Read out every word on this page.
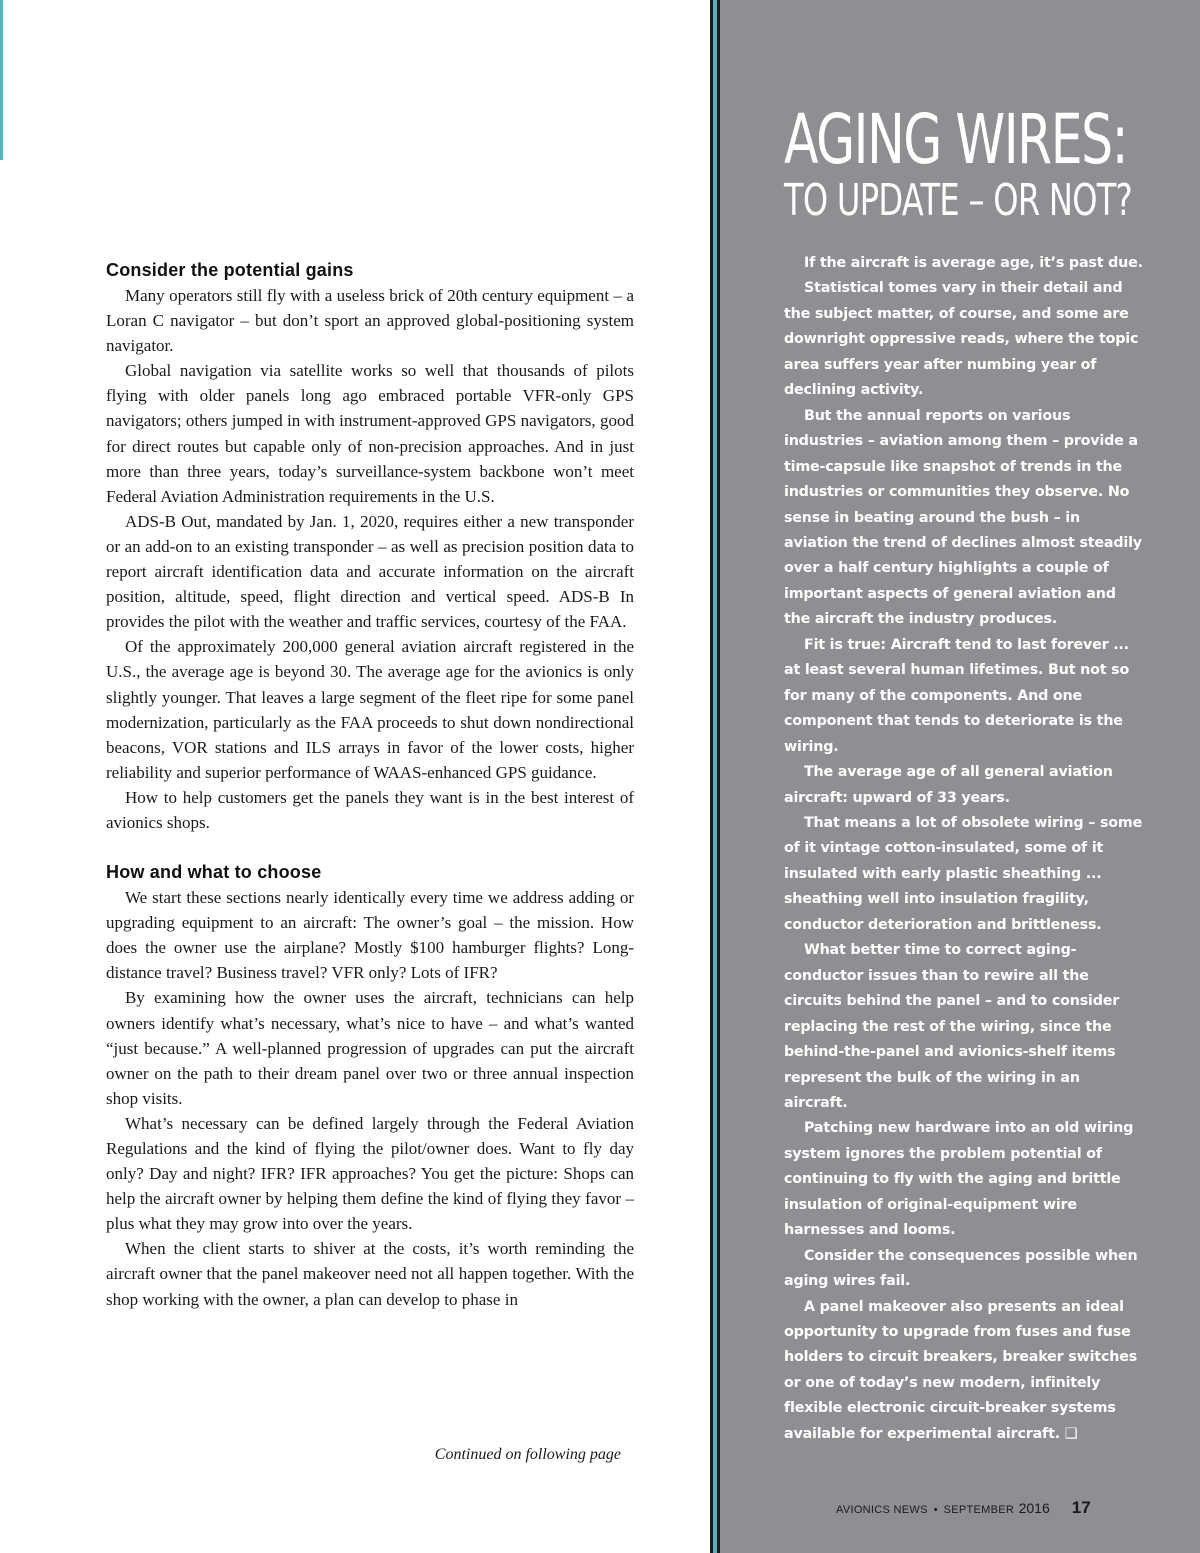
Consider the potential gains

Many operators still fly with a useless brick of 20th century equipment – a Loran C navigator – but don’t sport an approved global-positioning system navigator.

Global navigation via satellite works so well that thousands of pilots flying with older panels long ago embraced portable VFR-only GPS navigators; others jumped in with instrument-approved GPS navigators, good for direct routes but capable only of non-precision approaches. And in just more than three years, today’s surveillance-system backbone won’t meet Federal Aviation Administration requirements in the U.S.

ADS-B Out, mandated by Jan. 1, 2020, requires either a new transponder or an add-on to an existing transponder – as well as precision position data to report aircraft identification data and accurate information on the aircraft position, altitude, speed, flight direction and vertical speed. ADS-B In provides the pilot with the weather and traffic services, courtesy of the FAA.

Of the approximately 200,000 general aviation aircraft registered in the U.S., the average age is beyond 30. The average age for the avionics is only slightly younger. That leaves a large segment of the fleet ripe for some panel modernization, particularly as the FAA proceeds to shut down nondirectional beacons, VOR stations and ILS arrays in favor of the lower costs, higher reliability and superior performance of WAAS-enhanced GPS guidance.

How to help customers get the panels they want is in the best interest of avionics shops.

How and what to choose

We start these sections nearly identically every time we address adding or upgrading equipment to an aircraft: The owner’s goal – the mission. How does the owner use the airplane? Mostly $100 hamburger flights? Long-distance travel? Business travel? VFR only? Lots of IFR?

By examining how the owner uses the aircraft, technicians can help owners identify what’s necessary, what’s nice to have – and what’s wanted “just because.” A well-planned progression of upgrades can put the aircraft owner on the path to their dream panel over two or three annual inspection shop visits.

What’s necessary can be defined largely through the Federal Aviation Regulations and the kind of flying the pilot/owner does. Want to fly day only? Day and night? IFR? IFR approaches? You get the picture: Shops can help the aircraft owner by helping them define the kind of flying they favor – plus what they may grow into over the years.

When the client starts to shiver at the costs, it’s worth reminding the aircraft owner that the panel makeover need not all happen together. With the shop working with the owner, a plan can develop to phase in

Continued on following page
AGING WIRES:
TO UPDATE – OR NOT?

If the aircraft is average age, it’s past due.

Statistical tomes vary in their detail and the subject matter, of course, and some are downright oppressive reads, where the topic area suffers year after numbing year of declining activity.

But the annual reports on various industries – aviation among them – provide a time-capsule like snapshot of trends in the industries or communities they observe. No sense in beating around the bush – in aviation the trend of declines almost steadily over a half century highlights a couple of important aspects of general aviation and the aircraft the industry produces.

Fit is true: Aircraft tend to last forever ... at least several human lifetimes. But not so for many of the components. And one component that tends to deteriorate is the wiring.

The average age of all general aviation aircraft: upward of 33 years.

That means a lot of obsolete wiring – some of it vintage cotton-insulated, some of it insulated with early plastic sheathing ... sheathing well into insulation fragility, conductor deterioration and brittleness.

What better time to correct aging-conductor issues than to rewire all the circuits behind the panel – and to consider replacing the rest of the wiring, since the behind-the-panel and avionics-shelf items represent the bulk of the wiring in an aircraft.

Patching new hardware into an old wiring system ignores the problem potential of continuing to fly with the aging and brittle insulation of original-equipment wire harnesses and looms.

Consider the consequences possible when aging wires fail.

A panel makeover also presents an ideal opportunity to upgrade from fuses and fuse holders to circuit breakers, breaker switches or one of today’s new modern, infinitely flexible electronic circuit-breaker systems available for experimental aircraft. ❑

AVIONICS NEWS • SEPTEMBER 2016 17
